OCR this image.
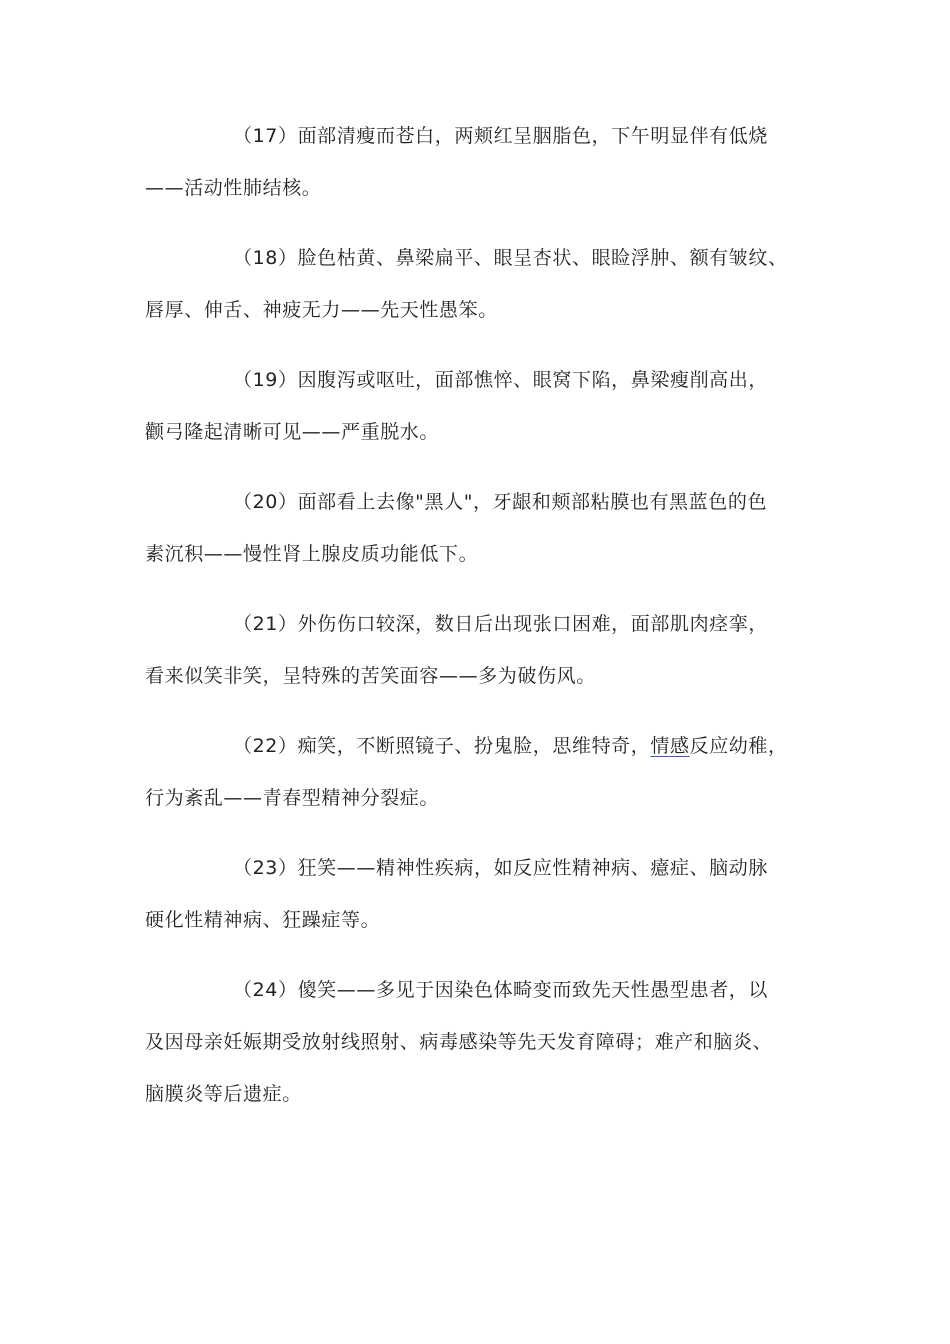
（17）面部清瘦而苍白，两颊红呈胭脂色，下午明显伴有低烧
——活动性肺结核。
（18）脸色枯黄、鼻梁扁平、眼呈杏状、眼睑浮肿、额有皱纹、
唇厚、伸舌、神疲无力——先天性愚笨。
（19）因腹泻或呕吐，面部憔悴、眼窝下陷，鼻梁瘦削高出，
颧弓隆起清晰可见——严重脱水。
（20）面部看上去像"黑人"，牙龈和颊部粘膜也有黑蓝色的色
素沉积——慢性肾上腺皮质功能低下。
（21）外伤伤口较深，数日后出现张口困难，面部肌肉痉挛，
看来似笑非笑，呈特殊的苦笑面容——多为破伤风。
（22）痴笑，不断照镜子、扮鬼脸，思维特奇，情感反应幼稚，
行为紊乱——青春型精神分裂症。
（23）狂笑——精神性疾病，如反应性精神病、癔症、脑动脉
硬化性精神病、狂躁症等。
（24）傻笑——多见于因染色体畸变而致先天性愚型患者，以
及因母亲妊娠期受放射线照射、病毒感染等先天发育障碍；难产和脑炎、
脑膜炎等后遗症。
